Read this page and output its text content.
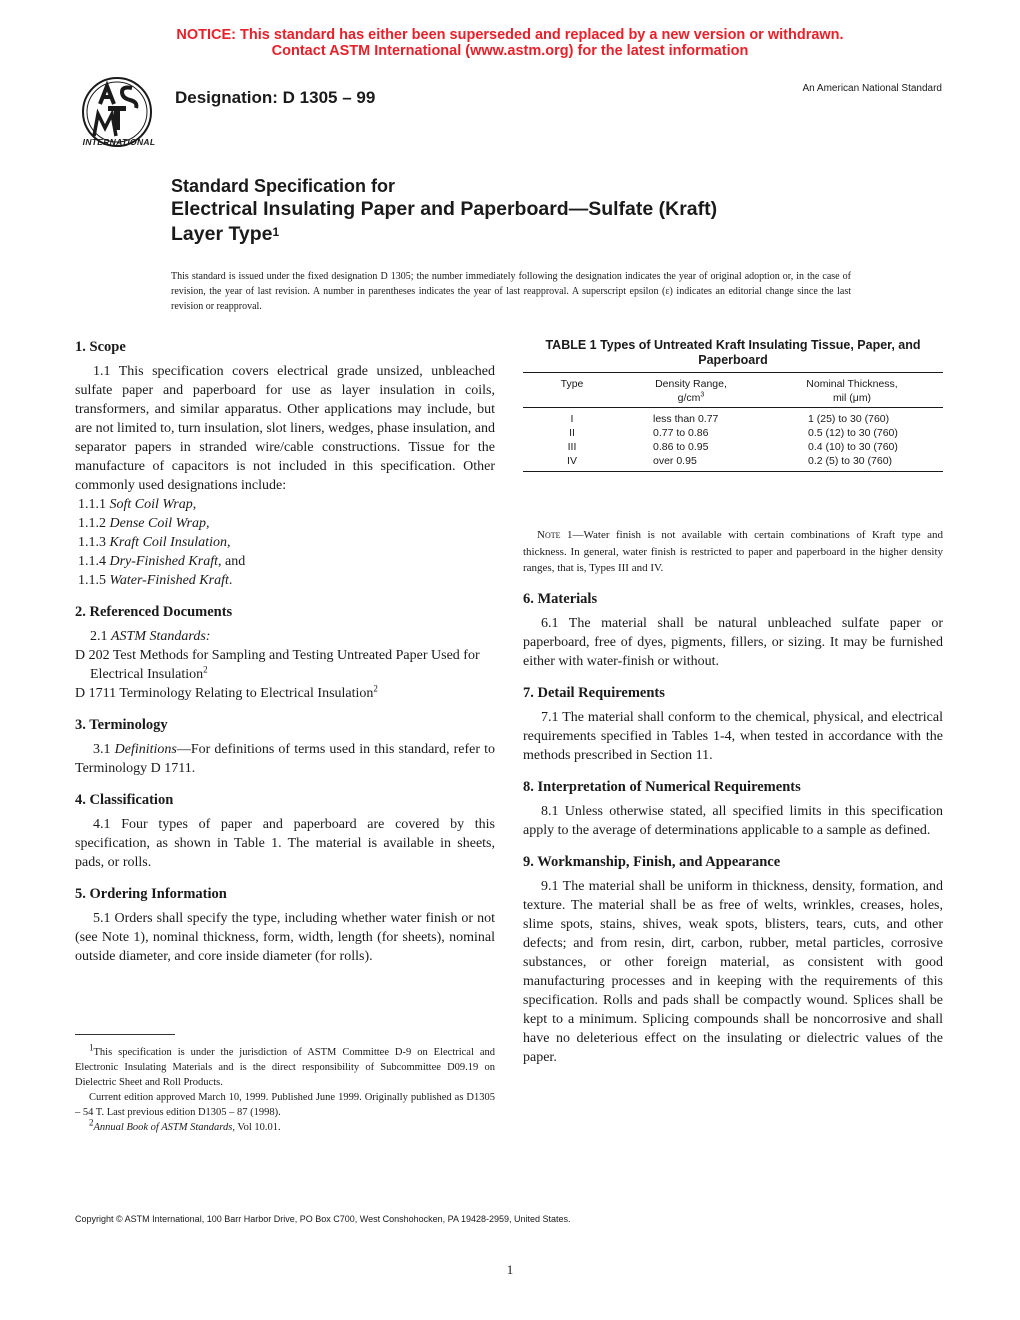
NOTICE: This standard has either been superseded and replaced by a new version or withdrawn.
Contact ASTM International (www.astm.org) for the latest information
INTERNATIONAL
Designation: D 1305 – 99	An American National Standard
Standard Specification for
Electrical Insulating Paper and Paperboard—Sulfate (Kraft)
Layer Type$^1$
This standard is issued under the fixed designation D 1305; the number immediately following the designation indicates the year of original adoption or, in the case of revision, the year of last revision. A number in parentheses indicates the year of last reapproval. A superscript epsilon (ε) indicates an editorial change since the last revision or reapproval.
1. Scope

1.1 This specification covers electrical grade unsized, unbleached sulfate paper and paperboard for use as layer insulation in coils, transformers, and similar apparatus. Other applications may include, but are not limited to, turn insulation, slot liners, wedges, phase insulation, and separator papers in stranded wire/cable constructions. Tissue for the manufacture of capacitors is not included in this specification. Other commonly used designations include:

1.1.1 Soft Coil Wrap,

1.1.2 Dense Coil Wrap,

1.1.3 Kraft Coil Insulation,

1.1.4 Dry-Finished Kraft, and

1.1.5 Water-Finished Kraft.

2. Referenced Documents

2.1 ASTM Standards:

D 202 Test Methods for Sampling and Testing Untreated Paper Used for Electrical Insulation$^2$

D 1711 Terminology Relating to Electrical Insulation$^2$

3. Terminology

3.1 Definitions—For definitions of terms used in this standard, refer to Terminology D 1711.

4. Classification

4.1 Four types of paper and paperboard are covered by this specification, as shown in Table 1. The material is available in sheets, pads, or rolls.

5. Ordering Information

5.1 Orders shall specify the type, including whether water finish or not (see Note 1), nominal thickness, form, width, length (for sheets), nominal outside diameter, and core inside diameter (for rolls).

$^1$This specification is under the jurisdiction of ASTM Committee D-9 on Electrical and Electronic Insulating Materials and is the direct responsibility of Subcommittee D09.19 on Dielectric Sheet and Roll Products.

Current edition approved March 10, 1999. Published June 1999. Originally published as D1305 – 54 T. Last previous edition D1305 – 87 (1998).

$^2$Annual Book of ASTM Standards, Vol 10.01.

TABLE 1 Types of Untreated Kraft Insulating Tissue, Paper, and Paperboard
Type	Density Range,
$g/cm^3$
Nominal Thickness,
mil (μm)
I	less than 0.77	1 (25) to 30 (760)
II	0.77 to 0.86	0.5 (12) to 30 (760)
III	0.86 to 0.95	0.4 (10) to 30 (760)
IV	over 0.95	0.2 (5) to 30 (760)
Note 1—Water finish is not available with certain combinations of Kraft type and thickness. In general, water finish is restricted to paper and paperboard in the higher density ranges, that is, Types III and IV.
6. Materials

6.1 The material shall be natural unbleached sulfate paper or paperboard, free of dyes, pigments, fillers, or sizing. It may be furnished either with water-finish or without.

7. Detail Requirements

7.1 The material shall conform to the chemical, physical, and electrical requirements specified in Tables 1-4, when tested in accordance with the methods prescribed in Section 11.

8. Interpretation of Numerical Requirements

8.1 Unless otherwise stated, all specified limits in this specification apply to the average of determinations applicable to a sample as defined.

9. Workmanship, Finish, and Appearance

9.1 The material shall be uniform in thickness, density, formation, and texture. The material shall be as free of welts, wrinkles, creases, holes, slime spots, stains, shives, weak spots, blisters, tears, cuts, and other defects; and from resin, dirt, carbon, rubber, metal particles, corrosive substances, or other foreign material, as consistent with good manufacturing processes and in keeping with the requirements of this specification. Rolls and pads shall be compactly wound. Splices shall be kept to a minimum. Splicing compounds shall be noncorrosive and shall have no deleterious effect on the insulating or dielectric values of the paper.

Copyright © ASTM International, 100 Barr Harbor Drive, PO Box C700, West Conshohocken, PA 19428-2959, United States.
1
